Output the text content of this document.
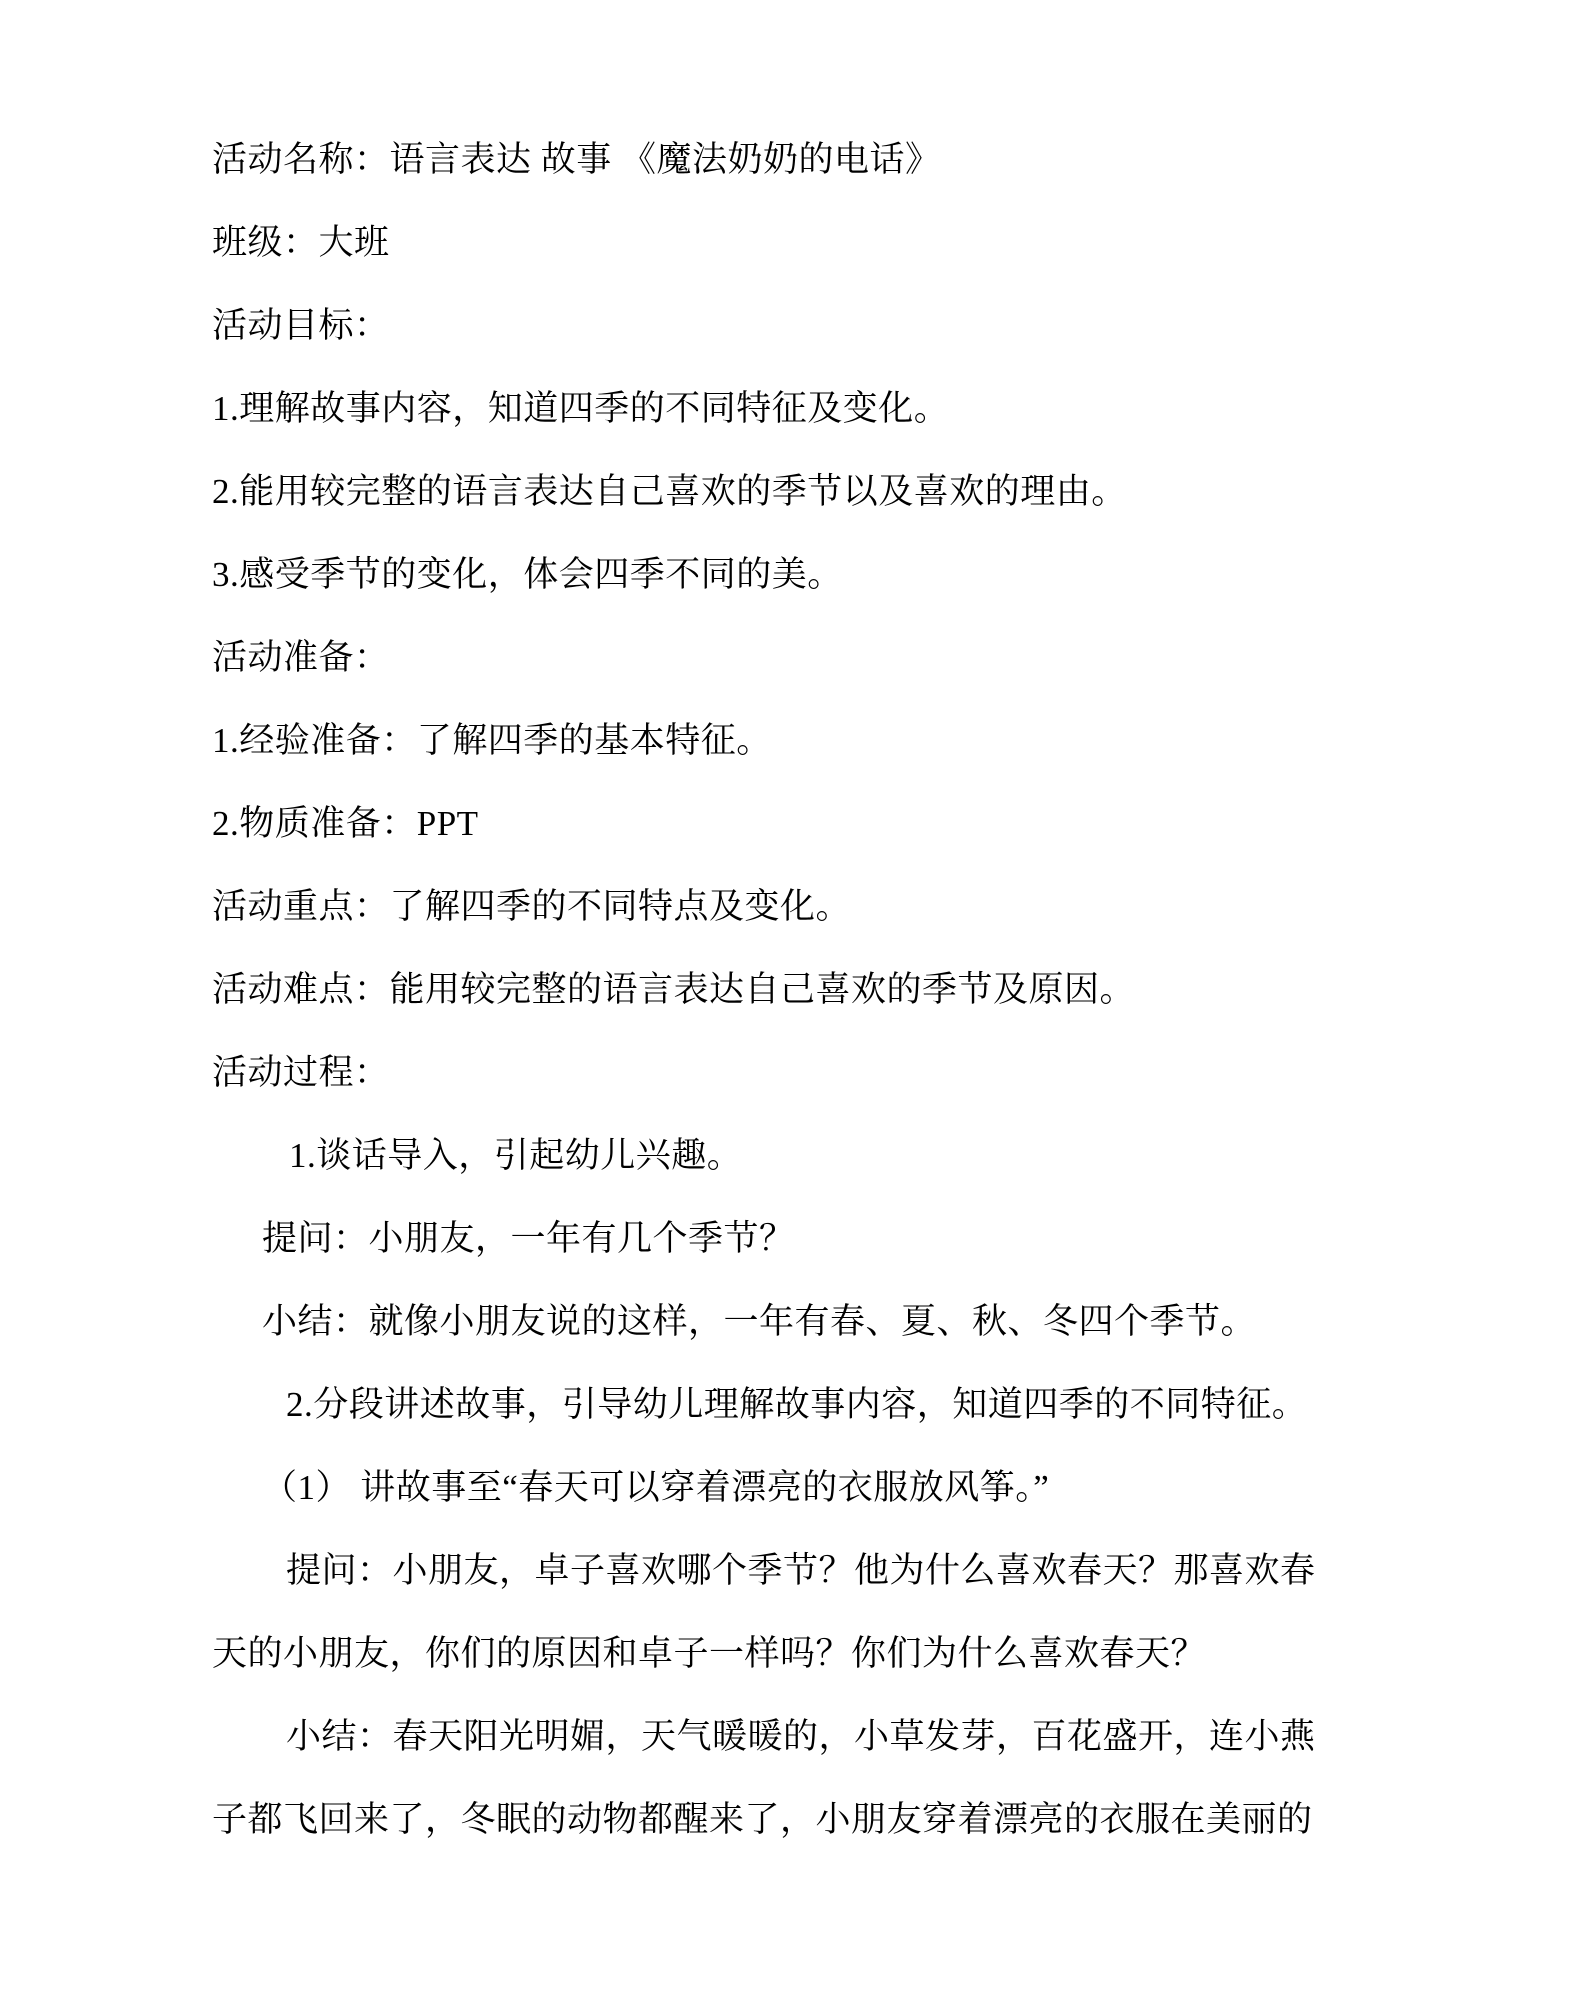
活动名称：语言表达 故事 《魔法奶奶的电话》
班级：大班
活动目标：
1.理解故事内容，知道四季的不同特征及变化。
2.能用较完整的语言表达自己喜欢的季节以及喜欢的理由。
3.感受季节的变化，体会四季不同的美。
活动准备：
1.经验准备：了解四季的基本特征。
2.物质准备：PPT
活动重点：了解四季的不同特点及变化。
活动难点：能用较完整的语言表达自己喜欢的季节及原因。
活动过程：
1.谈话导入，引起幼儿兴趣。
提问：小朋友，一年有几个季节？
小结：就像小朋友说的这样，一年有春、夏、秋、冬四个季节。
2.分段讲述故事，引导幼儿理解故事内容，知道四季的不同特征。
（1） 讲故事至“春天可以穿着漂亮的衣服放风筝。”
提问：小朋友，卓子喜欢哪个季节？他为什么喜欢春天？那喜欢春
天的小朋友，你们的原因和卓子一样吗？你们为什么喜欢春天？
小结：春天阳光明媚，天气暖暖的，小草发芽，百花盛开，连小燕
子都飞回来了，冬眠的动物都醒来了，小朋友穿着漂亮的衣服在美丽的
